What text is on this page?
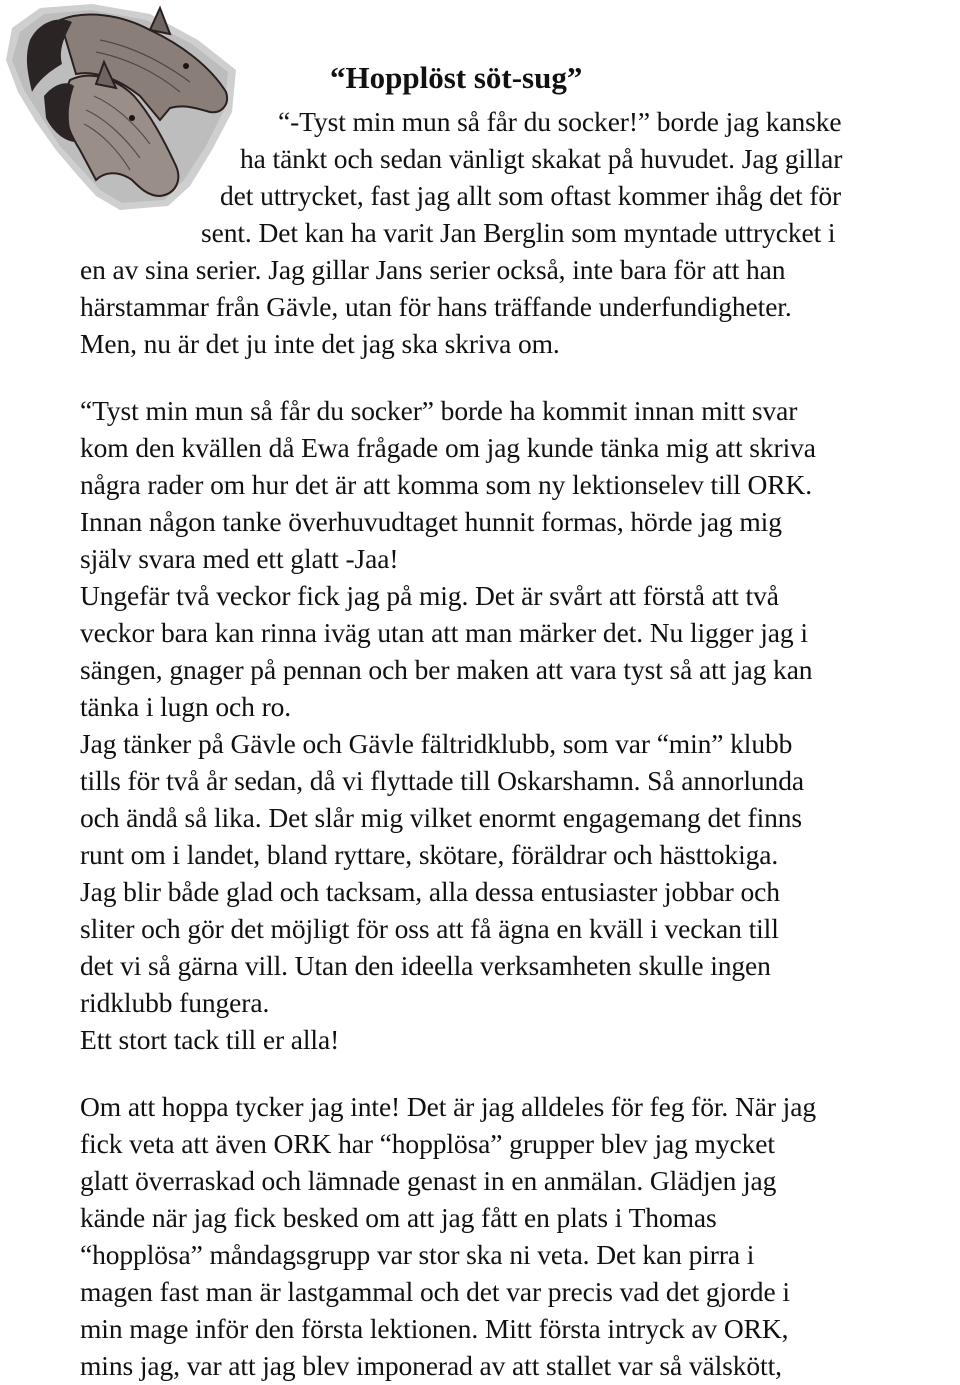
“Hopplöst söt-sug”
“-Tyst min mun så får du socker!” borde jag kanske
ha tänkt och sedan vänligt skakat på huvudet. Jag gillar
det uttrycket, fast jag allt som oftast kommer ihåg det för
sent. Det kan ha varit Jan Berglin som myntade uttrycket i
en av sina serier. Jag gillar Jans serier också, inte bara för att han
härstammar från Gävle, utan för hans träffande underfundigheter.
Men, nu är det ju inte det jag ska skriva om.
“Tyst min mun så får du socker” borde ha kommit innan mitt svar
kom den kvällen då Ewa frågade om jag kunde tänka mig att skriva
några rader om hur det är att komma som ny lektionselev till ORK.
Innan någon tanke överhuvudtaget hunnit formas, hörde jag mig
själv svara med ett glatt -Jaa!
Ungefär två veckor fick jag på mig. Det är svårt att förstå att två
veckor bara kan rinna iväg utan att man märker det. Nu ligger jag i
sängen, gnager på pennan och ber maken att vara tyst så att jag kan
tänka i lugn och ro.
Jag tänker på Gävle och Gävle fältridklubb, som var “min” klubb
tills för två år sedan, då vi flyttade till Oskarshamn. Så annorlunda
och ändå så lika. Det slår mig vilket enormt engagemang det finns
runt om i landet, bland ryttare, skötare, föräldrar och hästtokiga.
Jag blir både glad och tacksam, alla dessa entusiaster jobbar och
sliter och gör det möjligt för oss att få ägna en kväll i veckan till
det vi så gärna vill. Utan den ideella verksamheten skulle ingen
ridklubb fungera.
Ett stort tack till er alla!
Om att hoppa tycker jag inte! Det är jag alldeles för feg för. När jag
fick veta att även ORK har “hopplösa” grupper blev jag mycket
glatt överraskad och lämnade genast in en anmälan. Glädjen jag
kände när jag fick besked om att jag fått en plats i Thomas
“hopplösa” måndagsgrupp var stor ska ni veta. Det kan pirra i
magen fast man är lastgammal och det var precis vad det gjorde i
min mage inför den första lektionen. Mitt första intryck av ORK,
mins jag, var att jag blev imponerad av att stallet var så välskött,
